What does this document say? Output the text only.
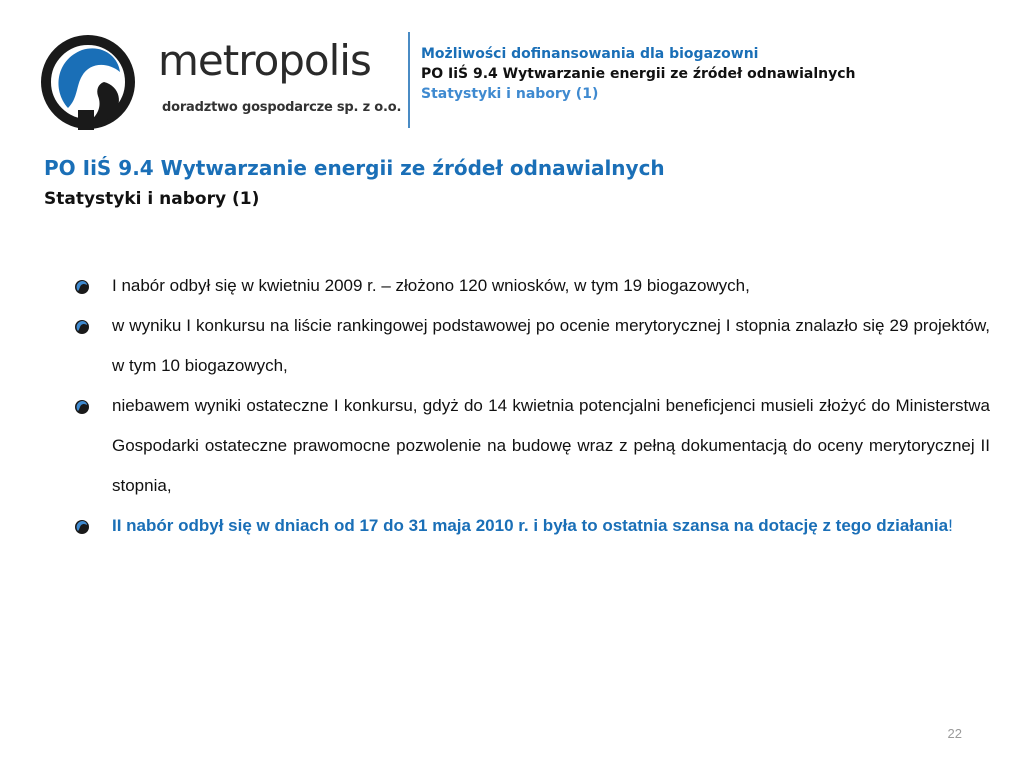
metropolis
doradztwo gospodarcze sp. z o.o.
Możliwości dofinansowania dla biogazowni
PO IiŚ 9.4 Wytwarzanie energii ze źródeł odnawialnych
Statystyki i nabory (1)
PO IiŚ 9.4 Wytwarzanie energii ze źródeł odnawialnych
Statystyki i nabory (1)
I nabór odbył się w kwietniu 2009 r. – złożono 120 wniosków, w tym 19 biogazowych,
w wyniku I konkursu na liście rankingowej podstawowej po ocenie merytorycznej I stopnia znalazło się 29 projektów, w tym 10 biogazowych,
niebawem wyniki ostateczne I konkursu, gdyż do 14 kwietnia potencjalni beneficjenci musieli złożyć do Ministerstwa Gospodarki ostateczne prawomocne pozwolenie na budowę wraz z pełną dokumentacją do oceny merytorycznej II stopnia,
II nabór odbył się w dniach od 17 do 31 maja 2010 r. i była to ostatnia szansa na dotację z tego działania!
22
